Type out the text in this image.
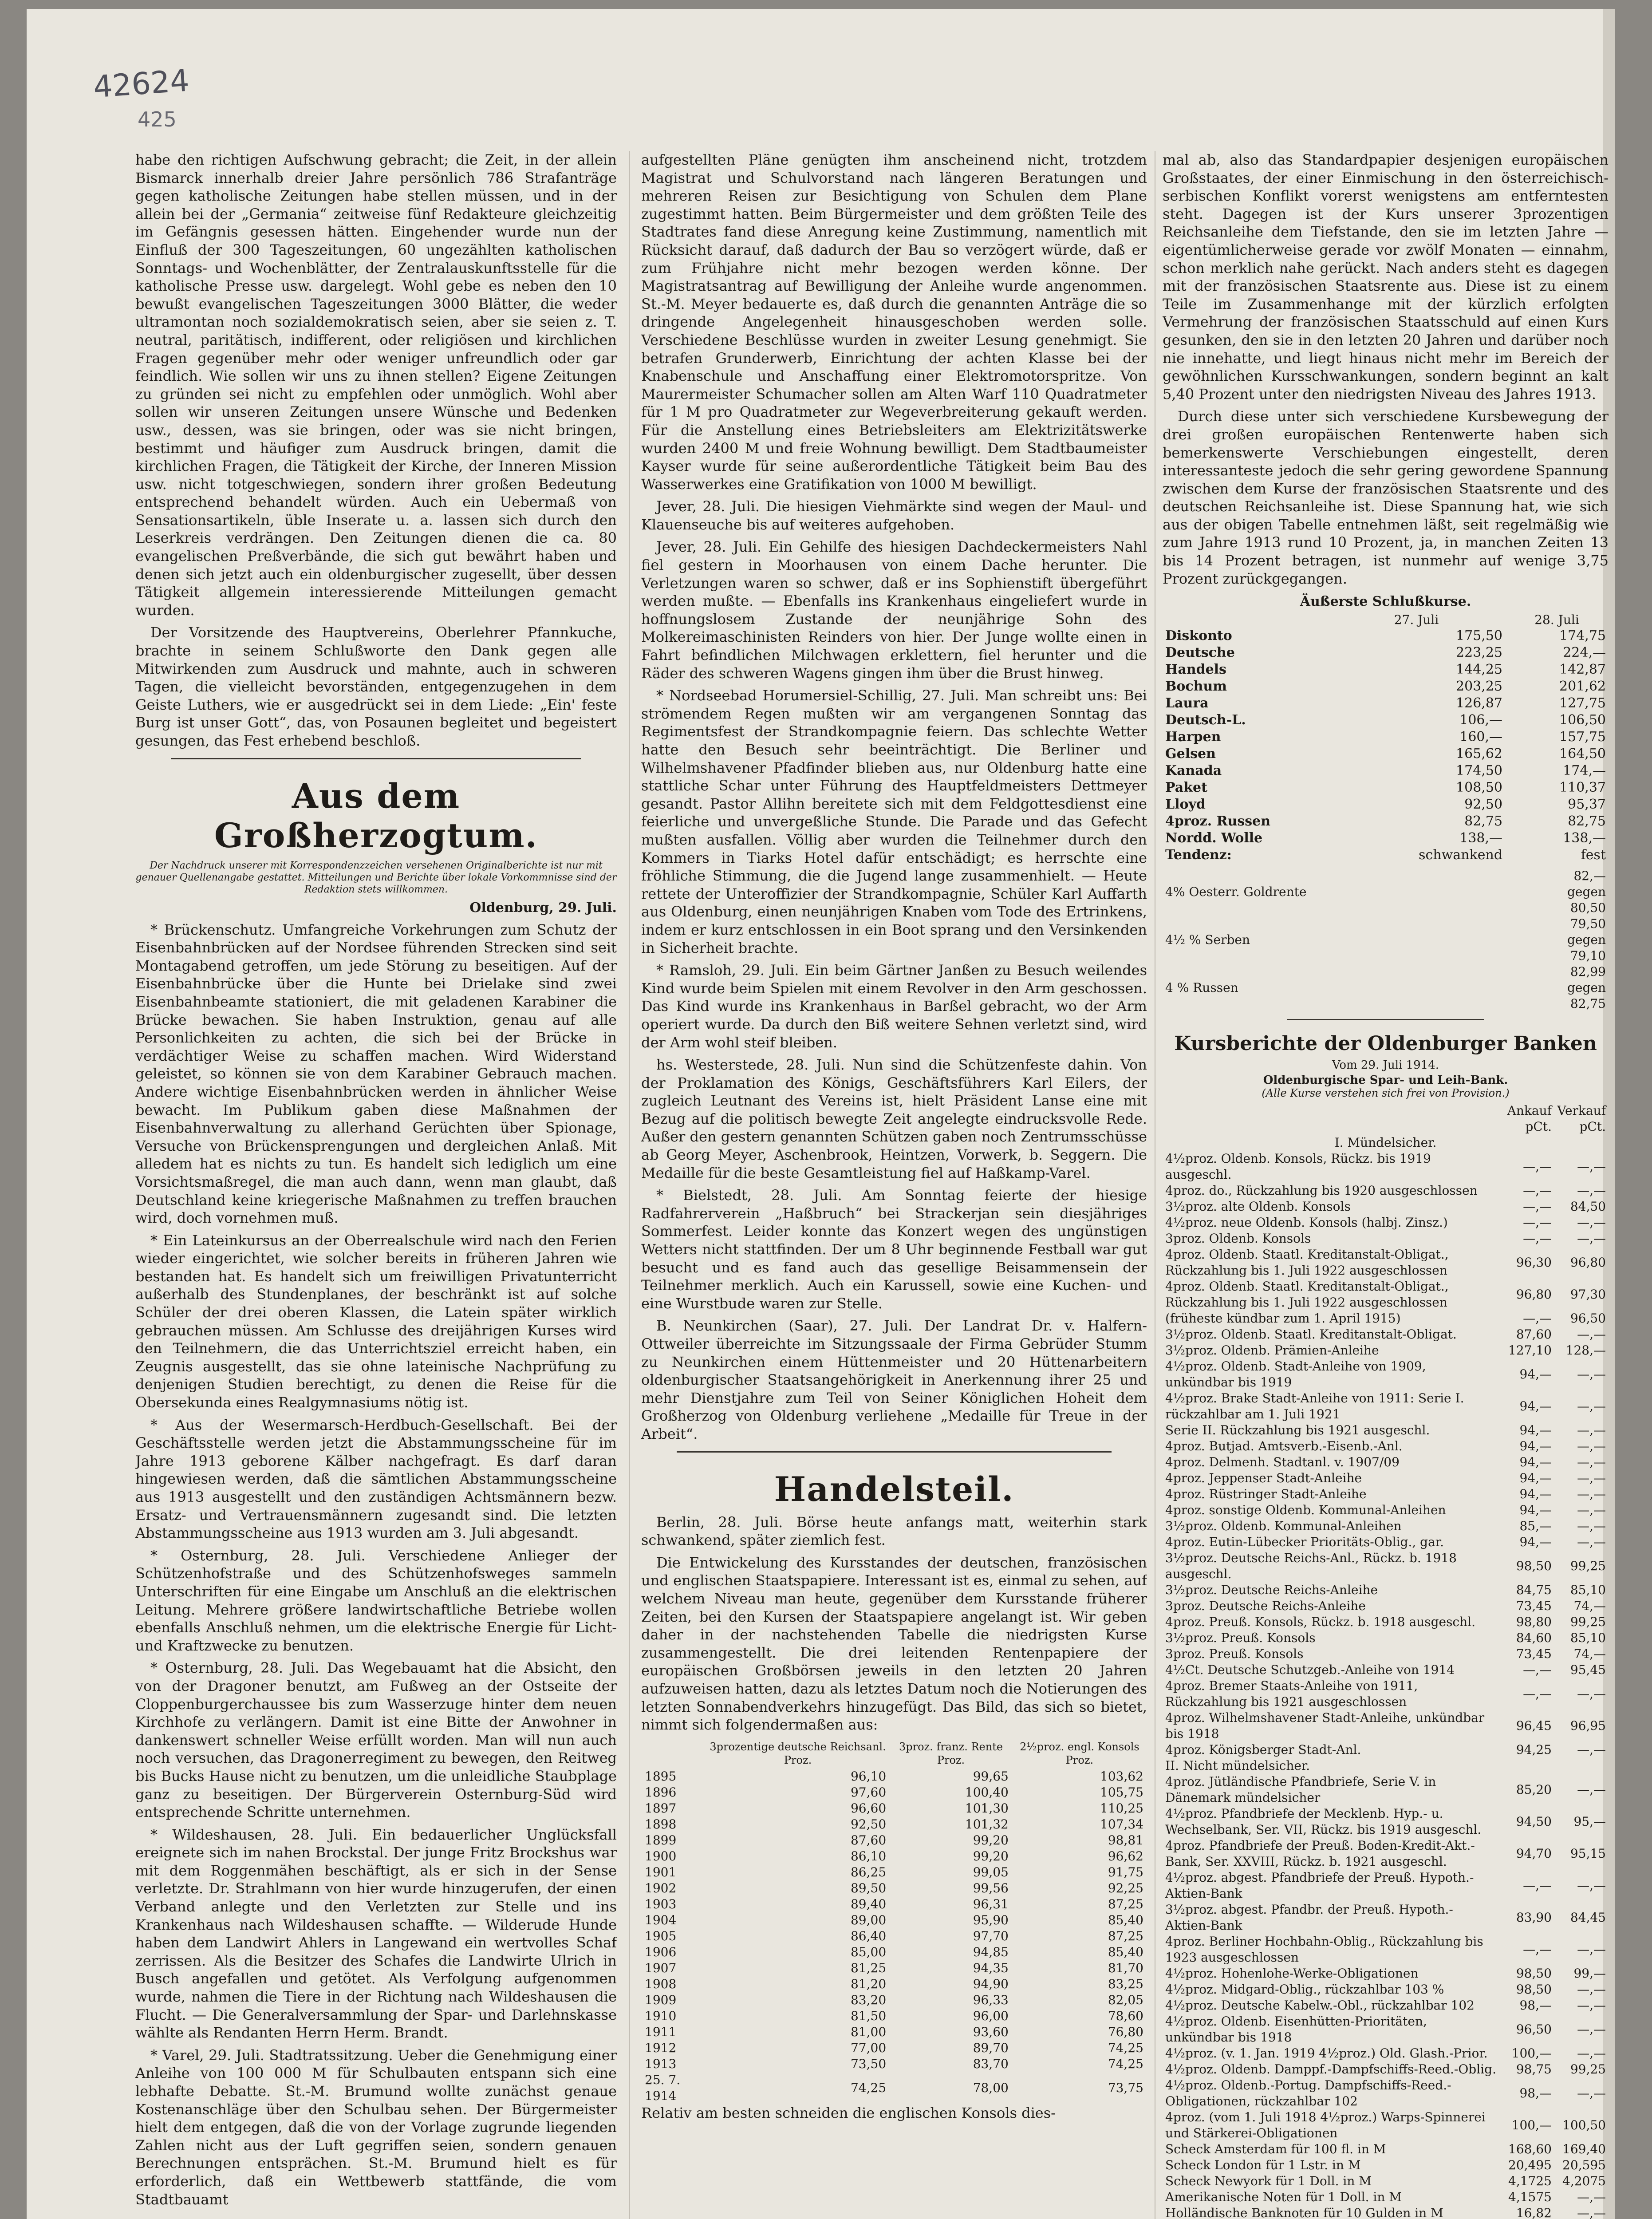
42624
425

habe den richtigen Aufschwung gebracht; die Zeit, in der allein Bismarck innerhalb dreier Jahre persönlich 786 Strafanträge gegen katholische Zeitungen habe stellen müssen, und in der allein bei der „Germania“ zeitweise fünf Redakteure gleichzeitig im Gefängnis gesessen hätten. Eingehender wurde nun der Einfluß der 300 Tageszeitungen, 60 ungezählten katholischen Sonntags- und Wochenblätter, der Zentralauskunftsstelle für die katholische Presse usw. dargelegt. Wohl gebe es neben den 10 bewußt evangelischen Tageszeitungen 3000 Blätter, die weder ultramontan noch sozialdemokratisch seien, aber sie seien z. T. neutral, paritätisch, indifferent, oder religiösen und kirchlichen Fragen gegenüber mehr oder weniger unfreundlich oder gar feindlich. Wie sollen wir uns zu ihnen stellen? Eigene Zeitungen zu gründen sei nicht zu empfehlen oder unmöglich. Wohl aber sollen wir unseren Zeitungen unsere Wünsche und Bedenken usw., dessen, was sie bringen, oder was sie nicht bringen, bestimmt und häufiger zum Ausdruck bringen, damit die kirchlichen Fragen, die Tätigkeit der Kirche, der Inneren Mission usw. nicht totgeschwiegen, sondern ihrer großen Bedeutung entsprechend behandelt würden. Auch ein Uebermaß von Sensationsartikeln, üble Inserate u. a. lassen sich durch den Leserkreis verdrängen. Den Zeitungen dienen die ca. 80 evangelischen Preßverbände, die sich gut bewährt haben und denen sich jetzt auch ein oldenburgischer zugesellt, über dessen Tätigkeit allgemein interessierende Mitteilungen gemacht wurden.

Der Vorsitzende des Hauptvereins, Oberlehrer Pfannkuche, brachte in seinem Schlußworte den Dank gegen alle Mitwirkenden zum Ausdruck und mahnte, auch in schweren Tagen, die vielleicht bevorständen, entgegenzugehen in dem Geiste Luthers, wie er ausgedrückt sei in dem Liede: „Ein' feste Burg ist unser Gott“, das, von Posaunen begleitet und begeistert gesungen, das Fest erhebend beschloß.

Aus dem Großherzogtum.
Der Nachdruck unserer mit Korrespondenzzeichen versehenen Originalberichte ist nur mit genauer Quellenangabe gestattet. Mitteilungen und Berichte über lokale Vorkommnisse sind der Redaktion stets willkommen.
Oldenburg, 29. Juli.

* Brückenschutz. Umfangreiche Vorkehrungen zum Schutz der Eisenbahnbrücken auf der Nordsee führenden Strecken sind seit Montagabend getroffen, um jede Störung zu beseitigen. Auf der Eisenbahnbrücke über die Hunte bei Drielake sind zwei Eisenbahnbeamte stationiert, die mit geladenen Karabiner die Brücke bewachen. Sie haben Instruktion, genau auf alle Personlichkeiten zu achten, die sich bei der Brücke in verdächtiger Weise zu schaffen machen. Wird Widerstand geleistet, so können sie von dem Karabiner Gebrauch machen. Andere wichtige Eisenbahnbrücken werden in ähnlicher Weise bewacht. Im Publikum gaben diese Maßnahmen der Eisenbahnverwaltung zu allerhand Gerüchten über Spionage, Versuche von Brückensprengungen und dergleichen Anlaß. Mit alledem hat es nichts zu tun. Es handelt sich lediglich um eine Vorsichtsmaßregel, die man auch dann, wenn man glaubt, daß Deutschland keine kriegerische Maßnahmen zu treffen brauchen wird, doch vornehmen muß.

* Ein Lateinkursus an der Oberrealschule wird nach den Ferien wieder eingerichtet, wie solcher bereits in früheren Jahren wie bestanden hat. Es handelt sich um freiwilligen Privatunterricht außerhalb des Stundenplanes, der beschränkt ist auf solche Schüler der drei oberen Klassen, die Latein später wirklich gebrauchen müssen. Am Schlusse des dreijährigen Kurses wird den Teilnehmern, die das Unterrichtsziel erreicht haben, ein Zeugnis ausgestellt, das sie ohne lateinische Nachprüfung zu denjenigen Studien berechtigt, zu denen die Reise für die Obersekunda eines Realgymnasiums nötig ist.

* Aus der Wesermarsch-Herdbuch-Gesellschaft. Bei der Geschäftsstelle werden jetzt die Abstammungsscheine für im Jahre 1913 geborene Kälber nachgefragt. Es darf daran hingewiesen werden, daß die sämtlichen Abstammungsscheine aus 1913 ausgestellt und den zuständigen Achtsmännern bezw. Ersatz- und Vertrauensmännern zugesandt sind. Die letzten Abstammungsscheine aus 1913 wurden am 3. Juli abgesandt.

* Osternburg, 28. Juli. Verschiedene Anlieger der Schützenhofstraße und des Schützenhofsweges sammeln Unterschriften für eine Eingabe um Anschluß an die elektrischen Leitung. Mehrere größere landwirtschaftliche Betriebe wollen ebenfalls Anschluß nehmen, um die elektrische Energie für Licht- und Kraftzwecke zu benutzen.

* Osternburg, 28. Juli. Das Wegebauamt hat die Absicht, den von der Dragoner benutzt, am Fußweg an der Ostseite der Cloppenburgerchaussee bis zum Wasserzuge hinter dem neuen Kirchhofe zu verlängern. Damit ist eine Bitte der Anwohner in dankenswert schneller Weise erfüllt worden. Man will nun auch noch versuchen, das Dragonerregiment zu bewegen, den Reitweg bis Bucks Hause nicht zu benutzen, um die unleidliche Staubplage ganz zu beseitigen. Der Bürgerverein Osternburg-Süd wird entsprechende Schritte unternehmen.

* Wildeshausen, 28. Juli. Ein bedauerlicher Unglücksfall ereignete sich im nahen Brockstal. Der junge Fritz Brockshus war mit dem Roggenmähen beschäftigt, als er sich in der Sense verletzte. Dr. Strahlmann von hier wurde hinzugerufen, der einen Verband anlegte und den Verletzten zur Stelle und ins Krankenhaus nach Wildeshausen schaffte. — Wilderude Hunde haben dem Landwirt Ahlers in Langewand ein wertvolles Schaf zerrissen. Als die Besitzer des Schafes die Landwirte Ulrich in Busch angefallen und getötet. Als Verfolgung aufgenommen wurde, nahmen die Tiere in der Richtung nach Wildeshausen die Flucht. — Die Generalversammlung der Spar- und Darlehnskasse wählte als Rendanten Herrn Herm. Brandt.

* Varel, 29. Juli. Stadtratssitzung. Ueber die Genehmigung einer Anleihe von 100 000 M für Schulbauten entspann sich eine lebhafte Debatte. St.-M. Brumund wollte zunächst genaue Kostenanschläge über den Schulbau sehen. Der Bürgermeister hielt dem entgegen, daß die von der Vorlage zugrunde liegenden Zahlen nicht aus der Luft gegriffen seien, sondern genauen Berechnungen entsprächen. St.-M. Brumund hielt es für erforderlich, daß ein Wettbewerb stattfände, die vom Stadtbauamt

aufgestellten Pläne genügten ihm anscheinend nicht, trotzdem Magistrat und Schulvorstand nach längeren Beratungen und mehreren Reisen zur Besichtigung von Schulen dem Plane zugestimmt hatten. Beim Bürgermeister und dem größten Teile des Stadtrates fand diese Anregung keine Zustimmung, namentlich mit Rücksicht darauf, daß dadurch der Bau so verzögert würde, daß er zum Frühjahre nicht mehr bezogen werden könne. Der Magistratsantrag auf Bewilligung der Anleihe wurde angenommen. St.-M. Meyer bedauerte es, daß durch die genannten Anträge die so dringende Angelegenheit hinausgeschoben werden solle. Verschiedene Beschlüsse wurden in zweiter Lesung genehmigt. Sie betrafen Grunderwerb, Einrichtung der achten Klasse bei der Knabenschule und Anschaffung einer Elektromotorspritze. Von Maurermeister Schumacher sollen am Alten Warf 110 Quadratmeter für 1 M pro Quadratmeter zur Wegeverbreiterung gekauft werden. Für die Anstellung eines Betriebsleiters am Elektrizitätswerke wurden 2400 M und freie Wohnung bewilligt. Dem Stadtbaumeister Kayser wurde für seine außerordentliche Tätigkeit beim Bau des Wasserwerkes eine Gratifikation von 1000 M bewilligt.

Jever, 28. Juli. Die hiesigen Viehmärkte sind wegen der Maul- und Klauenseuche bis auf weiteres aufgehoben.

Jever, 28. Juli. Ein Gehilfe des hiesigen Dachdeckermeisters Nahl fiel gestern in Moorhausen von einem Dache herunter. Die Verletzungen waren so schwer, daß er ins Sophienstift übergeführt werden mußte. — Ebenfalls ins Krankenhaus eingeliefert wurde in hoffnungslosem Zustande der neunjährige Sohn des Molkereimaschinisten Reinders von hier. Der Junge wollte einen in Fahrt befindlichen Milchwagen erklettern, fiel herunter und die Räder des schweren Wagens gingen ihm über die Brust hinweg.

* Nordseebad Horumersiel-Schillig, 27. Juli. Man schreibt uns: Bei strömendem Regen mußten wir am vergangenen Sonntag das Regimentsfest der Strandkompagnie feiern. Das schlechte Wetter hatte den Besuch sehr beeinträchtigt. Die Berliner und Wilhelmshavener Pfadfinder blieben aus, nur Oldenburg hatte eine stattliche Schar unter Führung des Hauptfeldmeisters Dettmeyer gesandt. Pastor Allihn bereitete sich mit dem Feldgottesdienst eine feierliche und unvergeßliche Stunde. Die Parade und das Gefecht mußten ausfallen. Völlig aber wurden die Teilnehmer durch den Kommers in Tiarks Hotel dafür entschädigt; es herrschte eine fröhliche Stimmung, die die Jugend lange zusammenhielt. — Heute rettete der Unteroffizier der Strandkompagnie, Schüler Karl Auffarth aus Oldenburg, einen neunjährigen Knaben vom Tode des Ertrinkens, indem er kurz entschlossen in ein Boot sprang und den Versinkenden in Sicherheit brachte.

* Ramsloh, 29. Juli. Ein beim Gärtner Janßen zu Besuch weilendes Kind wurde beim Spielen mit einem Revolver in den Arm geschossen. Das Kind wurde ins Krankenhaus in Barßel gebracht, wo der Arm operiert wurde. Da durch den Biß weitere Sehnen verletzt sind, wird der Arm wohl steif bleiben.

hs. Westerstede, 28. Juli. Nun sind die Schützenfeste dahin. Von der Proklamation des Königs, Geschäftsführers Karl Eilers, der zugleich Leutnant des Vereins ist, hielt Präsident Lanse eine mit Bezug auf die politisch bewegte Zeit angelegte eindrucksvolle Rede. Außer den gestern genannten Schützen gaben noch Zentrumsschüsse ab Georg Meyer, Aschenbrook, Heintzen, Vorwerk, b. Seggern. Die Medaille für die beste Gesamtleistung fiel auf Haßkamp-Varel.

* Bielstedt, 28. Juli. Am Sonntag feierte der hiesige Radfahrerverein „Haßbruch“ bei Strackerjan sein diesjähriges Sommerfest. Leider konnte das Konzert wegen des ungünstigen Wetters nicht stattfinden. Der um 8 Uhr beginnende Festball war gut besucht und es fand auch das gesellige Beisammensein der Teilnehmer merklich. Auch ein Karussell, sowie eine Kuchen- und eine Wurstbude waren zur Stelle.

B. Neunkirchen (Saar), 27. Juli. Der Landrat Dr. v. Halfern-Ottweiler überreichte im Sitzungssaale der Firma Gebrüder Stumm zu Neunkirchen einem Hüttenmeister und 20 Hüttenarbeitern oldenburgischer Staatsangehörigkeit in Anerkennung ihrer 25 und mehr Dienstjahre zum Teil von Seiner Königlichen Hoheit dem Großherzog von Oldenburg verliehene „Medaille für Treue in der Arbeit“.

Handelsteil.

Berlin, 28. Juli. Börse heute anfangs matt, weiterhin stark schwankend, später ziemlich fest.

Die Entwickelung des Kursstandes der deutschen, französischen und englischen Staatspapiere. Interessant ist es, einmal zu sehen, auf welchem Niveau man heute, gegenüber dem Kursstande früherer Zeiten, bei den Kursen der Staatspapiere angelangt ist. Wir geben daher in der nachstehenden Tabelle die niedrigsten Kurse zusammengestellt. Die drei leitenden Rentenpapiere der europäischen Großbörsen jeweils in den letzten 20 Jahren aufzuweisen hatten, dazu als letztes Datum noch die Notierungen des letzten Sonnabendverkehrs hinzugefügt. Das Bild, das sich so bietet, nimmt sich folgendermaßen aus:

	3prozentige deutsche Reichsanl. Proz.	3proz. franz. Rente Proz.	2½proz. engl. Konsols Proz.
1895	96,10	99,65	103,62
1896	97,60	100,40	105,75
1897	96,60	101,30	110,25
1898	92,50	101,32	107,34
1899	87,60	99,20	98,81
1900	86,10	99,20	96,62
1901	86,25	99,05	91,75
1902	89,50	99,56	92,25
1903	89,40	96,31	87,25
1904	89,00	95,90	85,40
1905	86,40	97,70	87,25
1906	85,00	94,85	85,40
1907	81,25	94,35	81,70
1908	81,20	94,90	83,25
1909	83,20	96,33	82,05
1910	81,50	96,00	78,60
1911	81,00	93,60	76,80
1912	77,00	89,70	74,25
1913	73,50	83,70	74,25
25. 7. 1914	74,25	78,00	73,75

Relativ am besten schneiden die englischen Konsols dies-

mal ab, also das Standardpapier desjenigen europäischen Großstaates, der einer Einmischung in den österreichisch-serbischen Konflikt vorerst wenigstens am entferntesten steht. Dagegen ist der Kurs unserer 3prozentigen Reichsanleihe dem Tiefstande, den sie im letzten Jahre — eigentümlicherweise gerade vor zwölf Monaten — einnahm, schon merklich nahe gerückt. Nach anders steht es dagegen mit der französischen Staatsrente aus. Diese ist zu einem Teile im Zusammenhange mit der kürzlich erfolgten Vermehrung der französischen Staatsschuld auf einen Kurs gesunken, den sie in den letzten 20 Jahren und darüber noch nie innehatte, und liegt hinaus nicht mehr im Bereich der gewöhnlichen Kursschwankungen, sondern beginnt an kalt 5,40 Prozent unter den niedrigsten Niveau des Jahres 1913.

Durch diese unter sich verschiedene Kursbewegung der drei großen europäischen Rentenwerte haben sich bemerkenswerte Verschiebungen eingestellt, deren interessanteste jedoch die sehr gering gewordene Spannung zwischen dem Kurse der französischen Staatsrente und des deutschen Reichsanleihe ist. Diese Spannung hat, wie sich aus der obigen Tabelle entnehmen läßt, seit regelmäßig wie zum Jahre 1913 rund 10 Prozent, ja, in manchen Zeiten 13 bis 14 Prozent betragen, ist nunmehr auf wenige 3,75 Prozent zurückgegangen.

Äußerste Schlußkurse.
	27. Juli	28. Juli
Diskonto	175,50	174,75
Deutsche	223,25	224,—
Handels	144,25	142,87
Bochum	203,25	201,62
Laura	126,87	127,75
Deutsch-L.	106,—	106,50
Harpen	160,—	157,75
Gelsen	165,62	164,50
Kanada	174,50	174,—
Paket	108,50	110,37
Lloyd	92,50	95,37
4proz. Russen	82,75	82,75
Nordd. Wolle	138,—	138,—
Tendenz:	schwankend	fest
4% Oesterr. Goldrente	82,— gegen 80,50
4½ % Serben	79,50 gegen 79,10
4 % Russen	82,99 gegen 82,75
Kursberichte der Oldenburger Banken
Vom 29. Juli 1914.
Oldenburgische Spar- und Leih-Bank.
(Alle Kurse verstehen sich frei von Provision.)
	Ankauf pCt.	Verkauf pCt.
I. Mündelsicher.		
4½proz. Oldenb. Konsols, Rückz. bis 1919 ausgeschl.	—,—	—,—
4proz. do., Rückzahlung bis 1920 ausgeschlossen	—,—	—,—
3½proz. alte Oldenb. Konsols	—,—	84,50
4½proz. neue Oldenb. Konsols (halbj. Zinsz.)	—,—	—,—
3proz. Oldenb. Konsols	—,—	—,—
4proz. Oldenb. Staatl. Kreditanstalt-Obligat., Rückzahlung bis 1. Juli 1922 ausgeschlossen	96,30	96,80
4proz. Oldenb. Staatl. Kreditanstalt-Obligat., Rückzahlung bis 1. Juli 1922 ausgeschlossen	96,80	97,30
(früheste kündbar zum 1. April 1915)	—,—	96,50
3½proz. Oldenb. Staatl. Kreditanstalt-Obligat.	87,60	—,—
3½proz. Oldenb. Prämien-Anleihe	127,10	128,—
4½proz. Oldenb. Stadt-Anleihe von 1909, unkündbar bis 1919	94,—	—,—
4½proz. Brake Stadt-Anleihe von 1911: Serie I. rückzahlbar am 1. Juli 1921	94,—	—,—
Serie II. Rückzahlung bis 1921 ausgeschl.	94,—	—,—
4proz. Butjad. Amtsverb.-Eisenb.-Anl.	94,—	—,—
4proz. Delmenh. Stadtanl. v. 1907/09	94,—	—,—
4proz. Jeppenser Stadt-Anleihe	94,—	—,—
4proz. Rüstringer Stadt-Anleihe	94,—	—,—
4proz. sonstige Oldenb. Kommunal-Anleihen	94,—	—,—
3½proz. Oldenb. Kommunal-Anleihen	85,—	—,—
4proz. Eutin-Lübecker Prioritäts-Oblig., gar.	94,—	—,—
3½proz. Deutsche Reichs-Anl., Rückz. b. 1918 ausgeschl.	98,50	99,25
3½proz. Deutsche Reichs-Anleihe	84,75	85,10
3proz. Deutsche Reichs-Anleihe	73,45	74,—
4proz. Preuß. Konsols, Rückz. b. 1918 ausgeschl.	98,80	99,25
3½proz. Preuß. Konsols	84,60	85,10
3proz. Preuß. Konsols	73,45	74,—
4½Ct. Deutsche Schutzgeb.-Anleihe von 1914	—,—	95,45
4proz. Bremer Staats-Anleihe von 1911, Rückzahlung bis 1921 ausgeschlossen	—,—	—,—
4proz. Wilhelmshavener Stadt-Anleihe, unkündbar bis 1918	96,45	96,95
4proz. Königsberger Stadt-Anl.	94,25	—,—
II. Nicht mündelsicher.		
4proz. Jütländische Pfandbriefe, Serie V. in Dänemark mündelsicher	85,20	—,—
4½proz. Pfandbriefe der Mecklenb. Hyp.- u. Wechselbank, Ser. VII, Rückz. bis 1919 ausgeschl.	94,50	95,—
4proz. Pfandbriefe der Preuß. Boden-Kredit-Akt.-Bank, Ser. XXVIII, Rückz. b. 1921 ausgeschl.	94,70	95,15
4½proz. abgest. Pfandbriefe der Preuß. Hypoth.-Aktien-Bank	—,—	—,—
3½proz. abgest. Pfandbr. der Preuß. Hypoth.-Aktien-Bank	83,90	84,45
4proz. Berliner Hochbahn-Oblig., Rückzahlung bis 1923 ausgeschlossen	—,—	—,—
4½proz. Hohenlohe-Werke-Obligationen	98,50	99,—
4½proz. Midgard-Oblig., rückzahlbar 103 %	98,50	—,—
4½proz. Deutsche Kabelw.-Obl., rückzahlbar 102	98,—	—,—
4½proz. Oldenb. Eisenhütten-Prioritäten, unkündbar bis 1918	96,50	—,—
4½proz. (v. 1. Jan. 1919 4½proz.) Old. Glash.-Prior.	100,—	—,—
4½proz. Oldenb. Damppf.-Dampfschiffs-Reed.-Oblig.	98,75	99,25
4½proz. Oldenb.-Portug. Dampfschiffs-Reed.-Obligationen, rückzahlbar 102	98,—	—,—
4proz. (vom 1. Juli 1918 4½proz.) Warps-Spinnerei und Stärkerei-Obligationen	100,—	100,50
Scheck Amsterdam für 100 fl. in M	168,60	169,40
Scheck London für 1 Lstr. in M	20,495	20,595
Scheck Newyork für 1 Doll. in M	4,1725	4,2075
Amerikanische Noten für 1 Doll. in M	4,1575	—,—
Holländische Banknoten für 10 Gulden in M	16,82	—,—
